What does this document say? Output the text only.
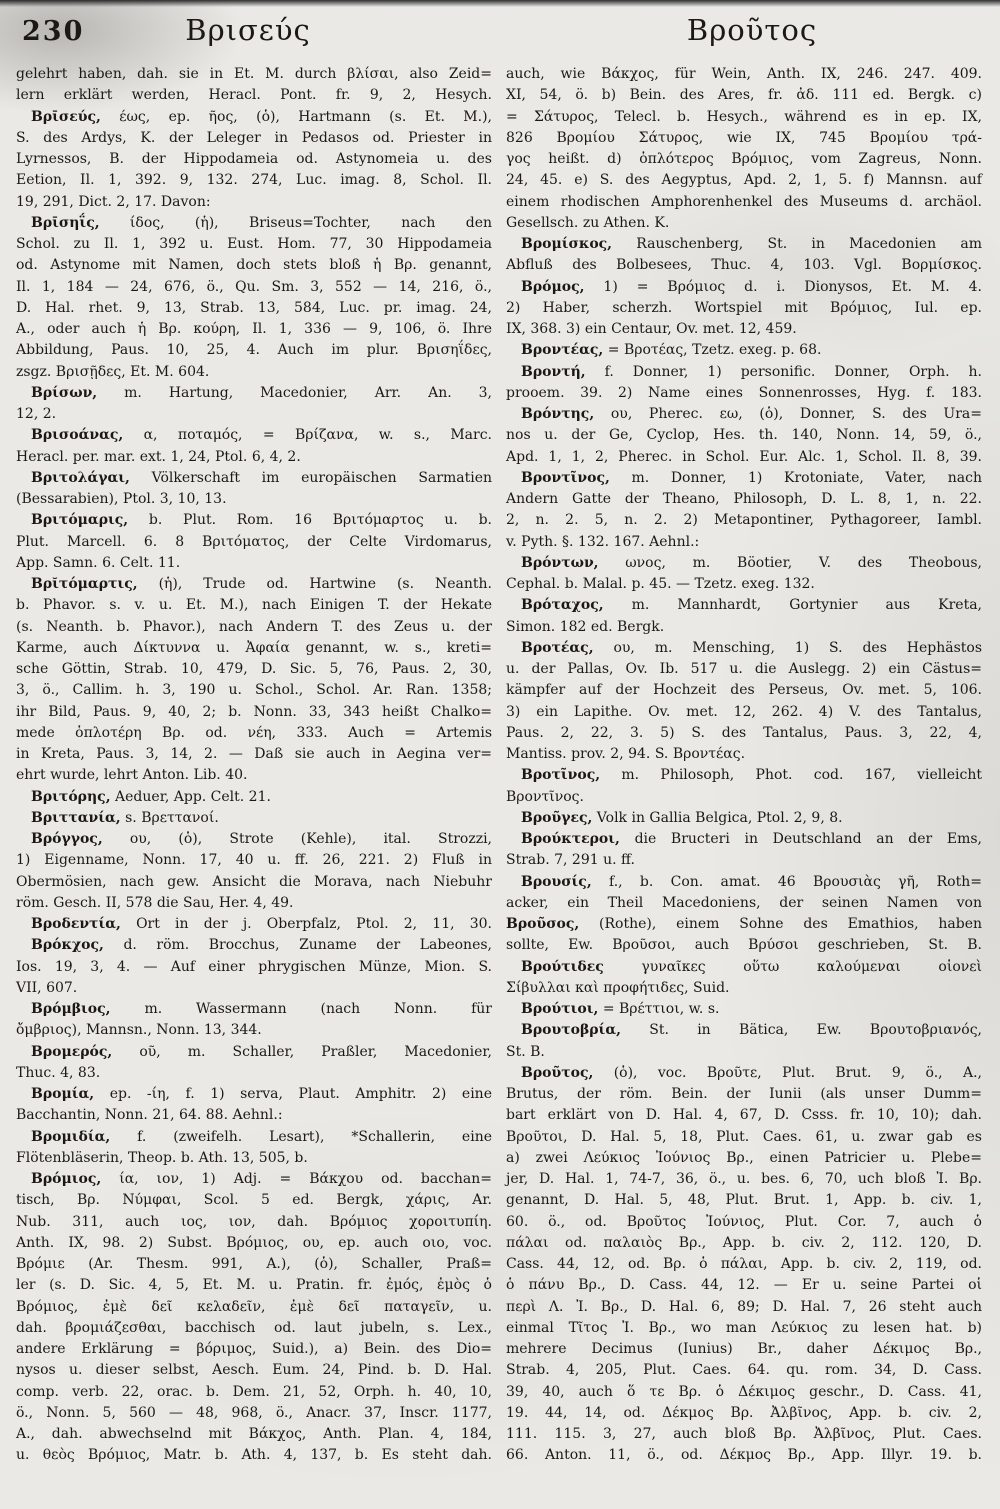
230	Βρισεύς	Βροῦτος
gelehrt haben, dah. sie in Et. M. durch βλίσαι, also Zeid=
lern erklärt werden, Heracl. Pont. fr. 9, 2, Hesych.
Βρῑσεύς, έως, ep. ῆος, (ὁ), Hartmann (s. Et. M.),
S. des Ardys, K. der Leleger in Pedasos od. Priester in
Lyrnessos, B. der Hippodameia od. Astynomeia u. des
Eetion, Il. 1, 392. 9, 132. 274, Luc. imag. 8, Schol. Il.
19, 291, Dict. 2, 17. Davon:
Βρῑσηΐς, ίδος, (ἡ), Briseus=Tochter, nach den
Schol. zu Il. 1, 392 u. Eust. Hom. 77, 30 Hippodameia
od. Astynome mit Namen, doch stets bloß ἡ Βρ. genannt,
Il. 1, 184 — 24, 676, ö., Qu. Sm. 3, 552 — 14, 216, ö.,
D. Hal. rhet. 9, 13, Strab. 13, 584, Luc. pr. imag. 24,
A., oder auch ἡ Βρ. κούρη, Il. 1, 336 — 9, 106, ö. Ihre
Abbildung, Paus. 10, 25, 4. Auch im plur. Βρισηΐδες,
zsgz. Βρισῇδες, Et. M. 604.
Βρίσων, m. Hartung, Macedonier, Arr. An. 3,
12, 2.
Βρισοάνας, α, ποταμός, = Βρίζανα, w. s., Marc.
Heracl. per. mar. ext. 1, 24, Ptol. 6, 4, 2.
Βριτολάγαι, Völkerschaft im europäischen Sarmatien
(Bessarabien), Ptol. 3, 10, 13.
Βριτόμαρις, b. Plut. Rom. 16 Βριτόμαρτος u. b.
Plut. Marcell. 6. 8 Βριτόματος, der Celte Virdomarus,
App. Samn. 6. Celt. 11.
Βρῐτόμαρτις, (ἡ), Trude od. Hartwine (s. Neanth.
b. Phavor. s. v. u. Et. M.), nach Einigen T. der Hekate
(s. Neanth. b. Phavor.), nach Andern T. des Zeus u. der
Karme, auch Δίκτυννα u. Ἀφαία genannt, w. s., kreti=
sche Göttin, Strab. 10, 479, D. Sic. 5, 76, Paus. 2, 30,
3, ö., Callim. h. 3, 190 u. Schol., Schol. Ar. Ran. 1358;
ihr Bild, Paus. 9, 40, 2; b. Nonn. 33, 343 heißt Chalko=
mede ὁπλοτέρη Βρ. od. νέη, 333. Auch = Artemis
in Kreta, Paus. 3, 14, 2. — Daß sie auch in Aegina ver=
ehrt wurde, lehrt Anton. Lib. 40.
Βριτόρης, Aeduer, App. Celt. 21.
Βριττανία, s. Βρεττανοί.
Βρόγγος, ου, (ὁ), Strote (Kehle), ital. Strozzi,
1) Eigenname, Nonn. 17, 40 u. ff. 26, 221. 2) Fluß in
Obermösien, nach gew. Ansicht die Morava, nach Niebuhr
röm. Gesch. II, 578 die Sau, Her. 4, 49.
Βροδεντία, Ort in der j. Oberpfalz, Ptol. 2, 11, 30.
Βρόκχος, d. röm. Brocchus, Zuname der Labeones,
Ios. 19, 3, 4. — Auf einer phrygischen Münze, Mion. S.
VII, 607.
Βρόμβιος, m. Wassermann (nach Nonn. für
ὄμβριος), Mannsn., Nonn. 13, 344.
Βρομερός, οῦ, m. Schaller, Praßler, Macedonier,
Thuc. 4, 83.
Βρομία, ep. -ίη, f. 1) serva, Plaut. Amphitr. 2) eine
Bacchantin, Nonn. 21, 64. 88. Aehnl.:
Βρομιδία, f. (zweifelh. Lesart), *Schallerin, eine
Flötenbläserin, Theop. b. Ath. 13, 505, b.
Βρόμιος, ία, ιον, 1) Adj. = Βάκχου od. bacchan=
tisch, Βρ. Νύμφαι, Scol. 5 ed. Bergk, χάρις, Ar.
Nub. 311, auch ιος, ιον, dah. Βρόμιος χοροιτυπίη.
Anth. IX, 98. 2) Subst. Βρόμιος, ου, ep. auch οιο, voc.
Βρόμιε (Ar. Thesm. 991, A.), (ὁ), Schaller, Praß=
ler (s. D. Sic. 4, 5, Et. M. u. Pratin. fr. ἐμός, ἐμὸς ὁ
Βρόμιος, ἐμὲ δεῖ κελαδεῖν, ἐμὲ δεῖ παταγεῖν, u.
dah. βρομιάζεσθαι, bacchisch od. laut jubeln, s. Lex.,
andere Erklärung = βόριμος, Suid.), a) Bein. des Dio=
nysos u. dieser selbst, Aesch. Eum. 24, Pind. b. D. Hal.
comp. verb. 22, orac. b. Dem. 21, 52, Orph. h. 40, 10,
ö., Nonn. 5, 560 — 48, 968, ö., Anacr. 37, Inscr. 1177,
A., dah. abwechselnd mit Βάκχος, Anth. Plan. 4, 184,
u. θεὸς Βρόμιος, Matr. b. Ath. 4, 137, b. Es steht dah.
auch, wie Βάκχος, für Wein, Anth. IX, 246. 247. 409.
XI, 54, ö. b) Bein. des Ares, fr. ἀδ. 111 ed. Bergk. c)
= Σάτυρος, Telecl. b. Hesych., während es in ep. IX,
826 Βρομίου Σάτυρος, wie IX, 745 Βρομίου τρά-
γος heißt. d) ὁπλότερος Βρόμιος, vom Zagreus, Nonn.
24, 45. e) S. des Aegyptus, Apd. 2, 1, 5. f) Mannsn. auf
einem rhodischen Amphorenhenkel des Museums d. archäol.
Gesellsch. zu Athen. K.
Βρομίσκος, Rauschenberg, St. in Macedonien am
Abfluß des Bolbesees, Thuc. 4, 103. Vgl. Βορμίσκος.
Βρόμος, 1) = Βρόμιος d. i. Dionysos, Et. M. 4.
2) Haber, scherzh. Wortspiel mit Βρόμιος, Iul. ep.
IX, 368. 3) ein Centaur, Ov. met. 12, 459.
Βροντέας, = Βροτέας, Tzetz. exeg. p. 68.
Βροντή, f. Donner, 1) personific. Donner, Orph. h.
prooem. 39. 2) Name eines Sonnenrosses, Hyg. f. 183.
Βρόντης, ου, Pherec. εω, (ὁ), Donner, S. des Ura=
nos u. der Ge, Cyclop, Hes. th. 140, Nonn. 14, 59, ö.,
Apd. 1, 1, 2, Pherec. in Schol. Eur. Alc. 1, Schol. Il. 8, 39.
Βροντῖνος, m. Donner, 1) Krotoniate, Vater, nach
Andern Gatte der Theano, Philosoph, D. L. 8, 1, n. 22.
2, n. 2. 5, n. 2. 2) Metapontiner, Pythagoreer, Iambl.
v. Pyth. §. 132. 167. Aehnl.:
Βρόντων, ωνος, m. Böotier, V. des Theobous,
Cephal. b. Malal. p. 45. — Tzetz. exeg. 132.
Βρόταχος, m. Mannhardt, Gortynier aus Kreta,
Simon. 182 ed. Bergk.
Βροτέας, ου, m. Mensching, 1) S. des Hephästos
u. der Pallas, Ov. Ib. 517 u. die Auslegg. 2) ein Cästus=
kämpfer auf der Hochzeit des Perseus, Ov. met. 5, 106.
3) ein Lapithe. Ov. met. 12, 262. 4) V. des Tantalus,
Paus. 2, 22, 3. 5) S. des Tantalus, Paus. 3, 22, 4,
Mantiss. prov. 2, 94. S. Βροντέας.
Βροτῖνος, m. Philosoph, Phot. cod. 167, vielleicht
Βροντῖνος.
Βροῦγες, Volk in Gallia Belgica, Ptol. 2, 9, 8.
Βρούκτεροι, die Bructeri in Deutschland an der Ems,
Strab. 7, 291 u. ff.
Βρουσίς, f., b. Con. amat. 46 Βρουσιὰς γῆ, Roth=
acker, ein Theil Macedoniens, der seinen Namen von
Βροῦσος, (Rothe), einem Sohne des Emathios, haben
sollte, Ew. Βροῦσοι, auch Βρύσοι geschrieben, St. B.
Βρούτιδες γυναῖκες οὕτω καλούμεναι οἱονεὶ
Σίβυλλαι καὶ προφήτιδες, Suid.
Βρούτιοι, = Βρέττιοι, w. s.
Βρουτοβρία, St. in Bätica, Ew. Βρουτοβριανός,
St. B.
Βροῦτος, (ὁ), voc. Βροῦτε, Plut. Brut. 9, ö., A.,
Brutus, der röm. Bein. der Iunii (als unser Dumm=
bart erklärt von D. Hal. 4, 67, D. Csss. fr. 10, 10); dah.
Βροῦτοι, D. Hal. 5, 18, Plut. Caes. 61, u. zwar gab es
a) zwei Λεύκιος Ἰούνιος Βρ., einen Patricier u. Plebe=
jer, D. Hal. 1, 74-7, 36, ö., u. bes. 6, 70, uch bloß Ἰ. Βρ.
genannt, D. Hal. 5, 48, Plut. Brut. 1, App. b. civ. 1,
60. ö., od. Βροῦτος Ἰούνιος, Plut. Cor. 7, auch ὁ
πάλαι od. παλαιὸς Βρ., App. b. civ. 2, 112. 120, D.
Cass. 44, 12, od. Βρ. ὁ πάλαι, App. b. civ. 2, 119, od.
ὁ πάνυ Βρ., D. Cass. 44, 12. — Er u. seine Partei οἱ
περὶ Λ. Ἰ. Βρ., D. Hal. 6, 89; D. Hal. 7, 26 steht auch
einmal Τῖτος Ἰ. Βρ., wo man Λεύκιος zu lesen hat. b)
mehrere Decimus (Iunius) Br., daher Δέκιμος Βρ.,
Strab. 4, 205, Plut. Caes. 64. qu. rom. 34, D. Cass.
39, 40, auch ὅ τε Βρ. ὁ Δέκιμος geschr., D. Cass. 41,
19. 44, 14, od. Δέκμος Βρ. Ἀλβῖνος, App. b. civ. 2,
111. 115. 3, 27, auch bloß Βρ. Ἀλβῖνος, Plut. Caes.
66. Anton. 11, ö., od. Δέκμος Βρ., App. Illyr. 19. b.
